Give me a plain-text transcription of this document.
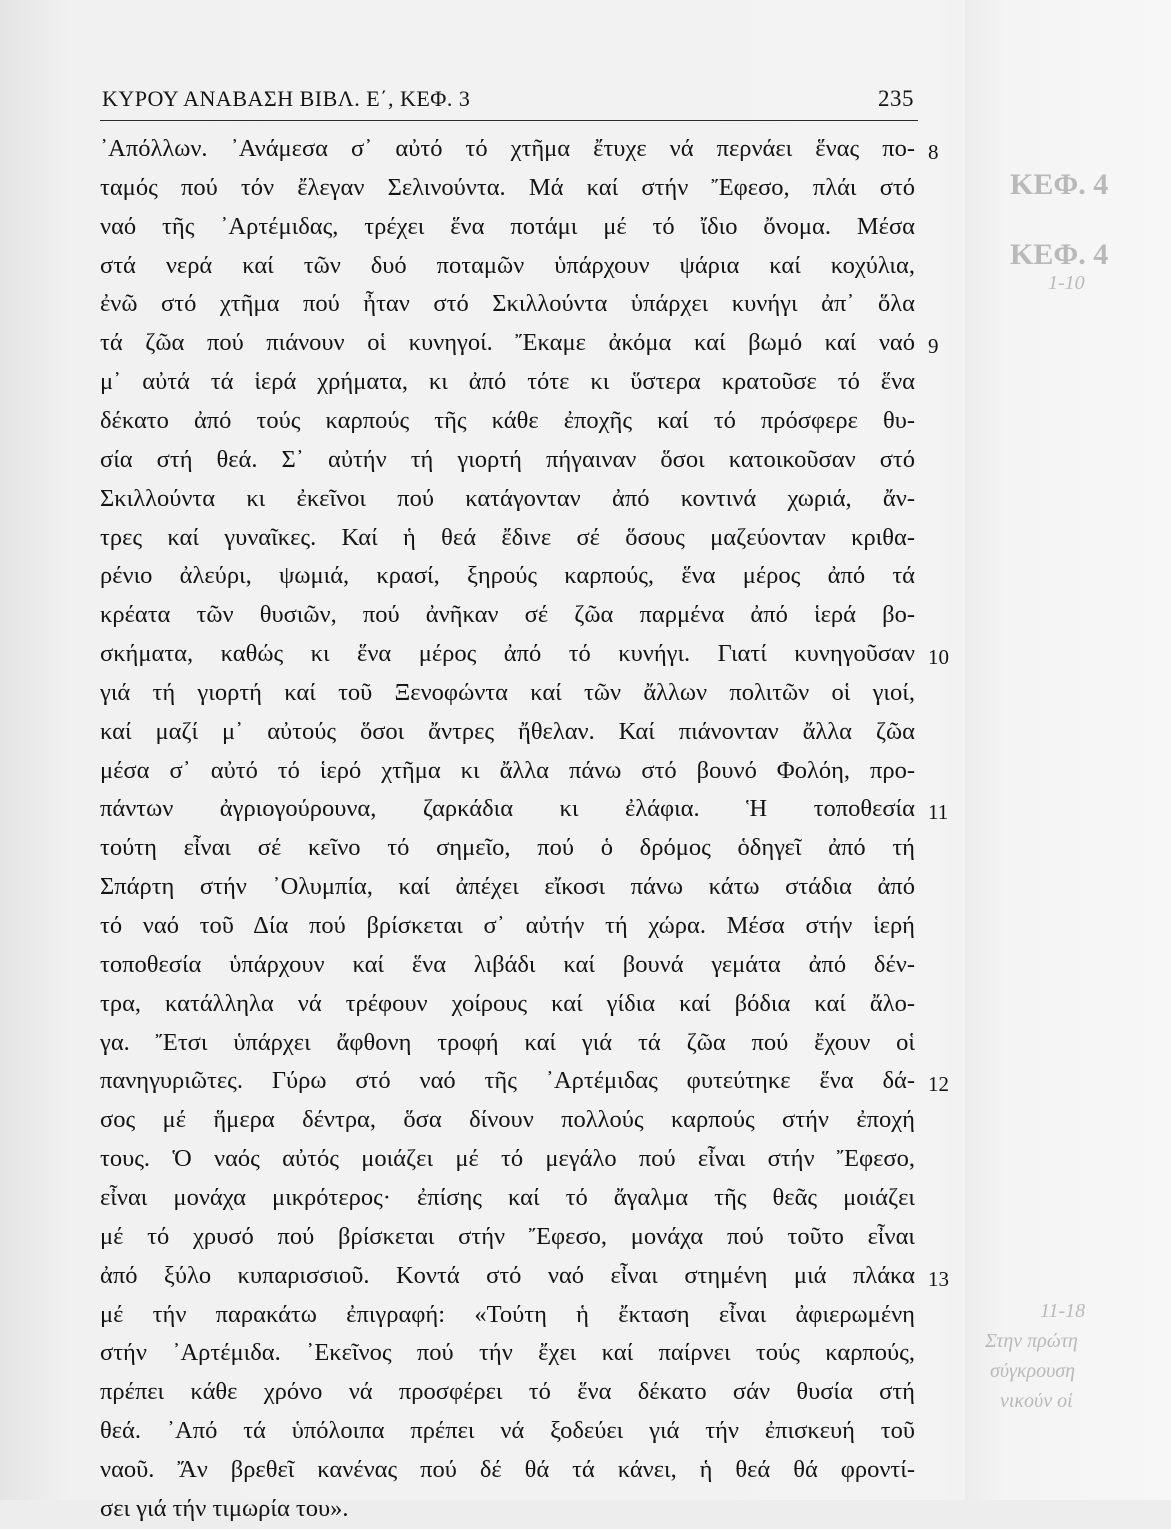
ΚΕΦ. 4
ΚΕΦ. 4
1-10
11-18
Στην πρώτη
σύγκρουση
νικούν οἱ
ΚΥΡΟΥ ΑΝΑΒΑΣΗ ΒΙΒΛ. Ε΄, ΚΕΦ. 3	235
᾿Απόλλων. ᾿Ανάμεσα σ᾿ αὐτό τό χτῆμα ἔτυχε νά περνάει ἕνας πο-
ταμός πού τόν ἔλεγαν Σελινούντα. Μά καί στήν Ἔφεσο, πλάι στό
ναό τῆς ᾿Αρτέμιδας, τρέχει ἕνα ποτάμι μέ τό ἴδιο ὄνομα. Μέσα
στά νερά καί τῶν δυό ποταμῶν ὑπάρχουν ψάρια καί κοχύλια,
ἐνῶ στό χτῆμα πού ἦταν στό Σκιλλούντα ὑπάρχει κυνήγι ἀπ᾿ ὅλα
τά ζῶα πού πιάνουν οἱ κυνηγοί. Ἔκαμε ἀκόμα καί βωμό καί ναό
μ᾿ αὐτά τά ἱερά χρήματα, κι ἀπό τότε κι ὕστερα κρατοῦσε τό ἕνα
δέκατο ἀπό τούς καρπούς τῆς κάθε ἐποχῆς καί τό πρόσφερε θυ-
σία στή θεά. Σ᾿ αὐτήν τή γιορτή πήγαιναν ὅσοι κατοικοῦσαν στό
Σκιλλούντα κι ἐκεῖνοι πού κατάγονταν ἀπό κοντινά χωριά, ἄν-
τρες καί γυναῖκες. Καί ἡ θεά ἔδινε σέ ὅσους μαζεύονταν κριθα-
ρένιο ἀλεύρι, ψωμιά, κρασί, ξηρούς καρπούς, ἕνα μέρος ἀπό τά
κρέατα τῶν θυσιῶν, πού ἀνῆκαν σέ ζῶα παρμένα ἀπό ἱερά βο-
σκήματα, καθώς κι ἕνα μέρος ἀπό τό κυνήγι. Γιατί κυνηγοῦσαν
γιά τή γιορτή καί τοῦ Ξενοφώντα καί τῶν ἄλλων πολιτῶν οἱ γιοί,
καί μαζί μ᾿ αὐτούς ὅσοι ἄντρες ἤθελαν. Καί πιάνονταν ἄλλα ζῶα
μέσα σ᾿ αὐτό τό ἱερό χτῆμα κι ἄλλα πάνω στό βουνό Φολόη, προ-
πάντων ἀγριογούρουνα, ζαρκάδια κι ἐλάφια. Ἡ τοποθεσία
τούτη εἶναι σέ κεῖνο τό σημεῖο, πού ὁ δρόμος ὁδηγεῖ ἀπό τή
Σπάρτη στήν ᾿Ολυμπία, καί ἀπέχει εἴκοσι πάνω κάτω στάδια ἀπό
τό ναό τοῦ Δία πού βρίσκεται σ᾿ αὐτήν τή χώρα. Μέσα στήν ἱερή
τοποθεσία ὑπάρχουν καί ἕνα λιβάδι καί βουνά γεμάτα ἀπό δέν-
τρα, κατάλληλα νά τρέφουν χοίρους καί γίδια καί βόδια καί ἄλο-
γα. Ἔτσι ὑπάρχει ἄφθονη τροφή καί γιά τά ζῶα πού ἔχουν οἱ
πανηγυριῶτες. Γύρω στό ναό τῆς ᾿Αρτέμιδας φυτεύτηκε ἕνα δά-
σος μέ ἥμερα δέντρα, ὅσα δίνουν πολλούς καρπούς στήν ἐποχή
τους. Ὁ ναός αὐτός μοιάζει μέ τό μεγάλο πού εἶναι στήν Ἔφεσο,
εἶναι μονάχα μικρότερος· ἐπίσης καί τό ἄγαλμα τῆς θεᾶς μοιάζει
μέ τό χρυσό πού βρίσκεται στήν Ἔφεσο, μονάχα πού τοῦτο εἶναι
ἀπό ξύλο κυπαρισσιοῦ. Κοντά στό ναό εἶναι στημένη μιά πλάκα
μέ τήν παρακάτω ἐπιγραφή: «Τούτη ἡ ἔκταση εἶναι ἀφιερωμένη
στήν ᾿Αρτέμιδα. ᾿Εκεῖνος πού τήν ἔχει καί παίρνει τούς καρπούς,
πρέπει κάθε χρόνο νά προσφέρει τό ἕνα δέκατο σάν θυσία στή
θεά. ᾿Από τά ὑπόλοιπα πρέπει νά ξοδεύει γιά τήν ἐπισκευή τοῦ
ναοῦ. Ἄν βρεθεῖ κανένας πού δέ θά τά κάνει, ἡ θεά θά φροντί-
σει γιά τήν τιμωρία του».
8
9
10
11
12
13
